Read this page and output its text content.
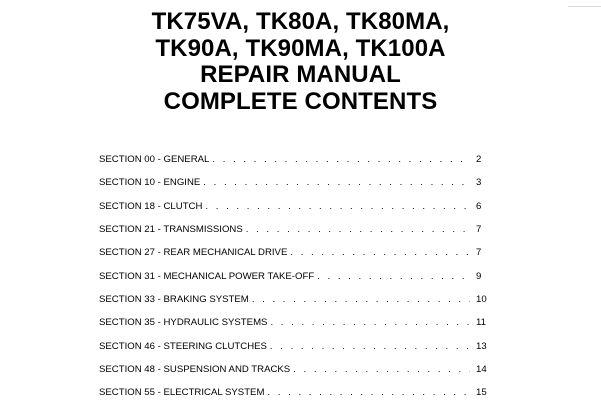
TK75VA, TK80A, TK80MA,
TK90A, TK90MA, TK100A
REPAIR MANUAL
COMPLETE CONTENTS
SECTION 00 - GENERAL . . .	2
SECTION 10 - ENGINE . . .	3
SECTION 18 - CLUTCH . . .	6
SECTION 21 - TRANSMISSIONS . . .	7
SECTION 27 - REAR MECHANICAL DRIVE . . .	7
SECTION 31 - MECHANICAL POWER TAKE-OFF . . .	9
SECTION 33 - BRAKING SYSTEM . . .	10
SECTION 35 - HYDRAULIC SYSTEMS . . .	11
SECTION 46 - STEERING CLUTCHES . . .	13
SECTION 48 - SUSPENSION AND TRACKS . . .	14
SECTION 55 - ELECTRICAL SYSTEM . . .	15
